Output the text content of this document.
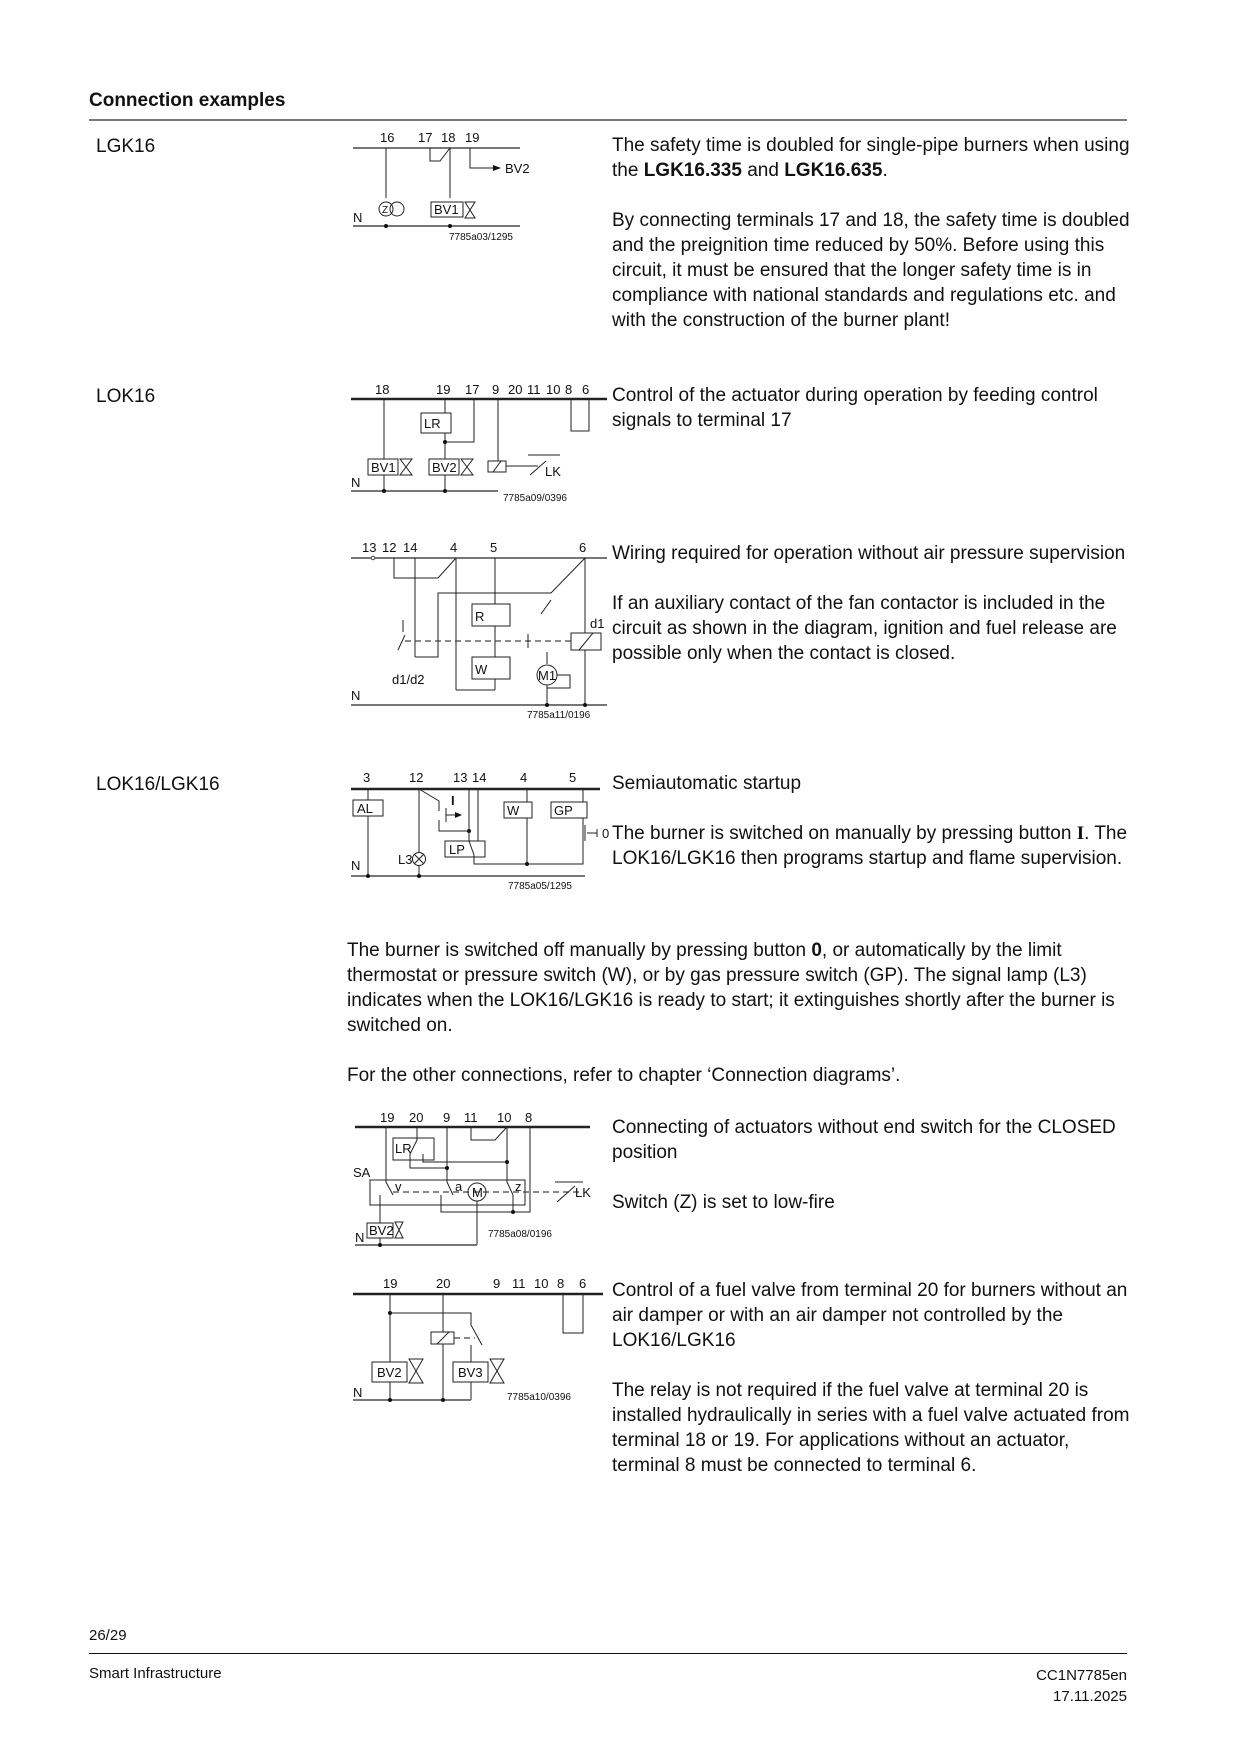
Connection examples
LGK16	16 17 18 19
BV2
Z	BV1
N
7785a03/1295

The safety time is doubled for single-pipe burners when using the LGK16.335 and LGK16.635.

By connecting terminals 17 and 18, the safety time is doubled and the preignition time reduced by 50%. Before using this circuit, it must be ensured that the longer safety time is in compliance with national standards and regulations etc. and with the construction of the burner plant!

LOK16	18	19 17 9 20 11 10 8 6
LR
BV1	BV2	LK
N
7785a09/0396

Control of the actuator during operation by feeding control signals to terminal 17

13 12 14	4	5	6
R
W
d1/d2	M1
d1
N
7785a11/0196

Wiring required for operation without air pressure supervision

If an auxiliary contact of the fan contactor is included in the circuit as shown in the diagram, ignition and fuel release are possible only when the contact is closed.

LOK16/LGK16	3	12 13 14	4	5
AL
L3
I
LP
W	GP
0
N
7785a05/1295

Semiautomatic startup

The burner is switched on manually by pressing button I. The LOK16/LGK16 then programs startup and flame supervision.

The burner is switched off manually by pressing button 0, or automatically by the limit thermostat or pressure switch (W), or by gas pressure switch (GP). The signal lamp (L3) indicates when the LOK16/LGK16 is ready to start; it extinguishes shortly after the burner is switched on.

For the other connections, refer to chapter ‘Connection diagrams’.

19 20 9 11 10 8
LR
SA
v	a	z
M	LK
BV2
N	7785a08/0196

Connecting of actuators without end switch for the CLOSED position

Switch (Z) is set to low-fire

19	20	9 11 10 8 6
BV2	BV3
N	7785a10/0396

Control of a fuel valve from terminal 20 for burners without an air damper or with an air damper not controlled by the LOK16/LGK16

The relay is not required if the fuel valve at terminal 20 is installed hydraulically in series with a fuel valve actuated from terminal 18 or 19. For applications without an actuator, terminal 8 must be connected to terminal 6.

26/29
Smart Infrastructure	CC1N7785en
17.11.2025
